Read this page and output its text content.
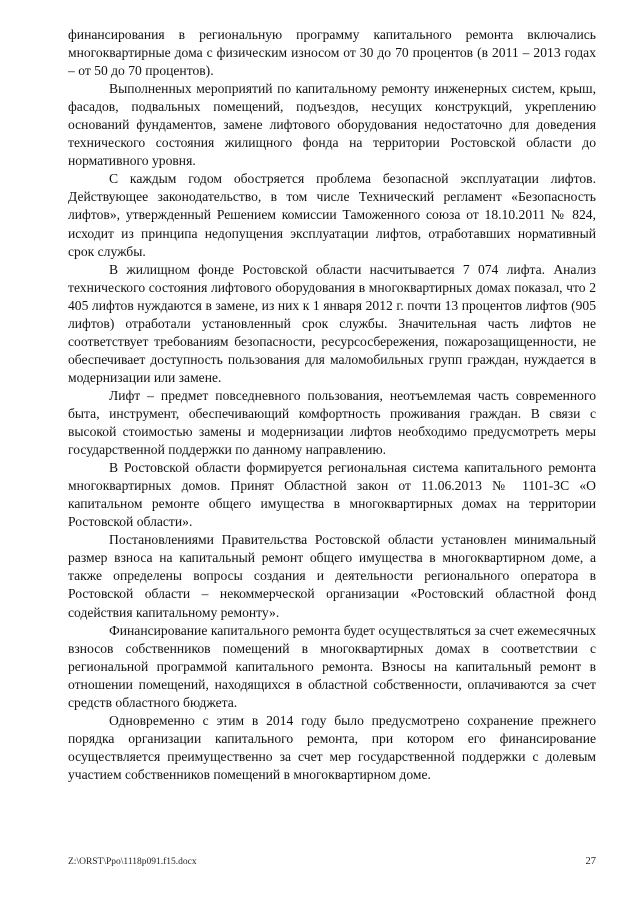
финансирования в региональную программу капитального ремонта включались многоквартирные дома с физическим износом от 30 до 70 процентов (в 2011 – 2013 годах – от 50 до 70 процентов).

Выполненных мероприятий по капитальному ремонту инженерных систем, крыш, фасадов, подвальных помещений, подъездов, несущих конструкций, укреплению оснований фундаментов, замене лифтового оборудования недостаточно для доведения технического состояния жилищного фонда на территории Ростовской области до нормативного уровня.

С каждым годом обостряется проблема безопасной эксплуатации лифтов. Действующее законодательство, в том числе Технический регламент «Безопасность лифтов», утвержденный Решением комиссии Таможенного союза от 18.10.2011 № 824, исходит из принципа недопущения эксплуатации лифтов, отработавших нормативный срок службы.

В жилищном фонде Ростовской области насчитывается 7 074 лифта. Анализ технического состояния лифтового оборудования в многоквартирных домах показал, что 2 405 лифтов нуждаются в замене, из них к 1 января 2012 г. почти 13 процентов лифтов (905 лифтов) отработали установленный срок службы. Значительная часть лифтов не соответствует требованиям безопасности, ресурсосбережения, пожарозащищенности, не обеспечивает доступность пользования для маломобильных групп граждан, нуждается в модернизации или замене.

Лифт – предмет повседневного пользования, неотъемлемая часть современного быта, инструмент, обеспечивающий комфортность проживания граждан. В связи с высокой стоимостью замены и модернизации лифтов необходимо предусмотреть меры государственной поддержки по данному направлению.

В Ростовской области формируется региональная система капитального ремонта многоквартирных домов. Принят Областной закон от 11.06.2013 № 1101-ЗС «О капитальном ремонте общего имущества в многоквартирных домах на территории Ростовской области».

Постановлениями Правительства Ростовской области установлен минимальный размер взноса на капитальный ремонт общего имущества в многоквартирном доме, а также определены вопросы создания и деятельности регионального оператора в Ростовской области – некоммерческой организации «Ростовский областной фонд содействия капитальному ремонту».

Финансирование капитального ремонта будет осуществляться за счет ежемесячных взносов собственников помещений в многоквартирных домах в соответствии с региональной программой капитального ремонта. Взносы на капитальный ремонт в отношении помещений, находящихся в областной собственности, оплачиваются за счет средств областного бюджета.

Одновременно с этим в 2014 году было предусмотрено сохранение прежнего порядка организации капитального ремонта, при котором его финансирование осуществляется преимущественно за счет мер государственной поддержки с долевым участием собственников помещений в многоквартирном доме.

Z:\ORST\Ppo\1118p091.f15.docx	27
